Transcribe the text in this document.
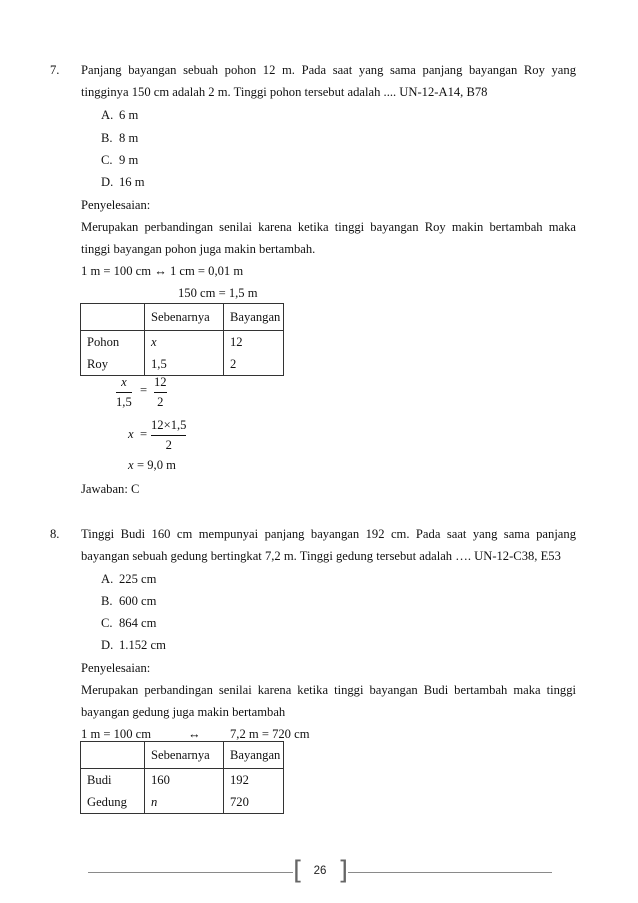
7. Panjang bayangan sebuah pohon 12 m. Pada saat yang sama panjang bayangan Roy yang
tingginya 150 cm adalah 2 m. Tinggi pohon tersebut adalah .... UN-12-A14, B78
A. 6 m
B. 8 m
C. 9 m
D. 16 m
Penyelesaian:
Merupakan perbandingan senilai karena ketika tinggi bayangan Roy makin bertambah maka
tinggi bayangan pohon juga makin bertambah.
1 m = 100 cm ↔ 1 cm = 0,01 m
150 cm = 1,5 m
	Sebenarnya	Bayangan
Pohon	x	12
Roy	1,5	2
x
1,5
=
12
2
x =
12×1,5
2
x = 9,0 m
Jawaban: C
8. Tinggi Budi 160 cm mempunyai panjang bayangan 192 cm. Pada saat yang sama panjang
bayangan sebuah gedung bertingkat 7,2 m. Tinggi gedung tersebut adalah …. UN-12-C38, E53
A. 225 cm
B. 600 cm
C. 864 cm
D. 1.152 cm
Penyelesaian:
Merupakan perbandingan senilai karena ketika tinggi bayangan Budi bertambah maka tinggi
bayangan gedung juga makin bertambah
1 m = 100 cm	↔ 7,2 m = 720 cm
	Sebenarnya	Bayangan
Budi	160	192
Gedung	n	720
[ 26 ]
